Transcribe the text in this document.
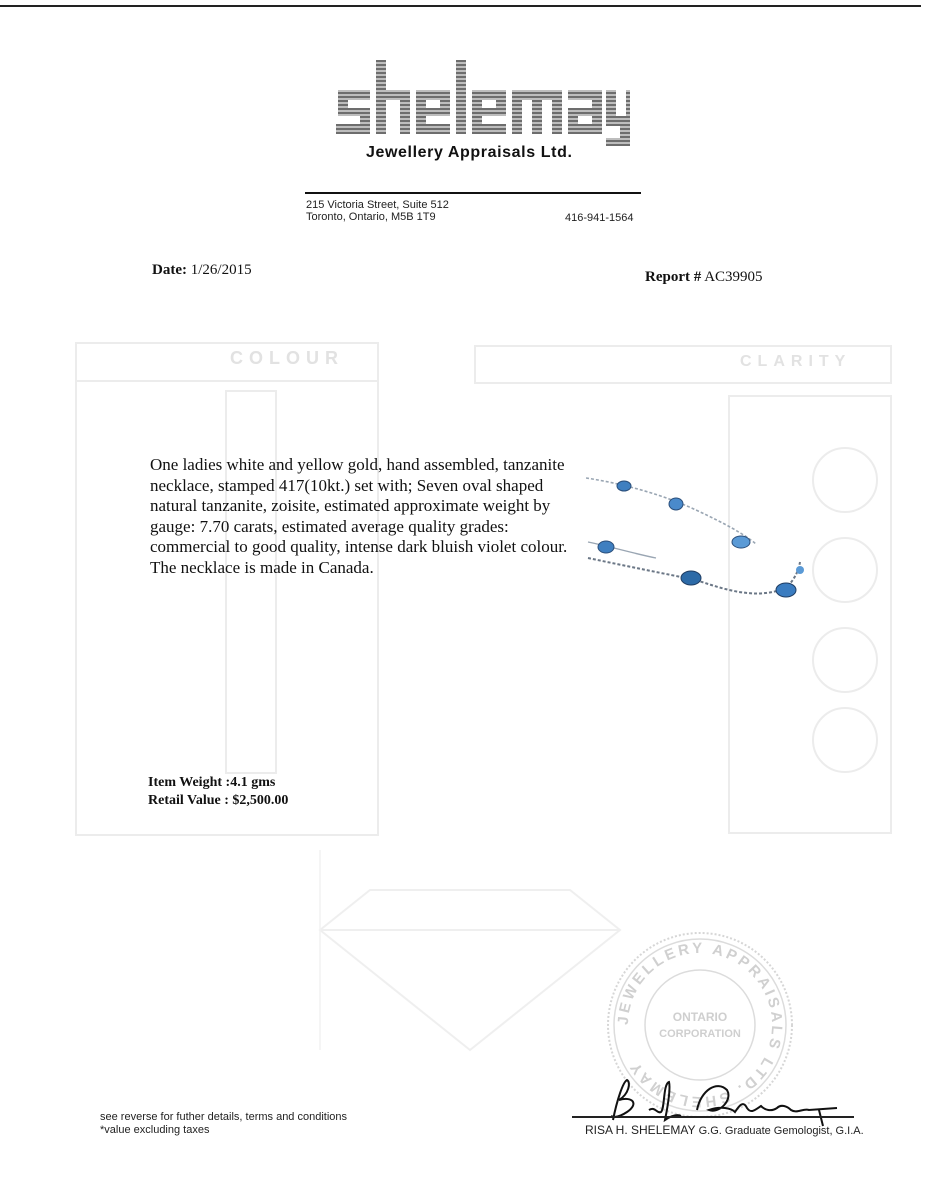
COLOUR	CLARITY
Jewellery Appraisals Ltd.
215 Victoria Street, Suite 512
Toronto, Ontario, M5B 1T9	416-941-1564
Date: 1/26/2015	Report # AC39905
One ladies white and yellow gold, hand assembled, tanzanite necklace, stamped 417(10kt.) set with; Seven oval shaped natural tanzanite, zoisite, estimated approximate weight by gauge: 7.70 carats, estimated average quality grades: commercial to good quality, intense dark bluish violet colour. The necklace is made in Canada.
Item Weight :4.1 gms
Retail Value : $2,500.00
JEWELLERY APPRAISALS LTD. SHELEMAY
ONTARIO
CORPORATION
see reverse for futher details, terms and conditions
*value excluding taxes	RISA H. SHELEMAY G.G. Graduate Gemologist, G.I.A.
